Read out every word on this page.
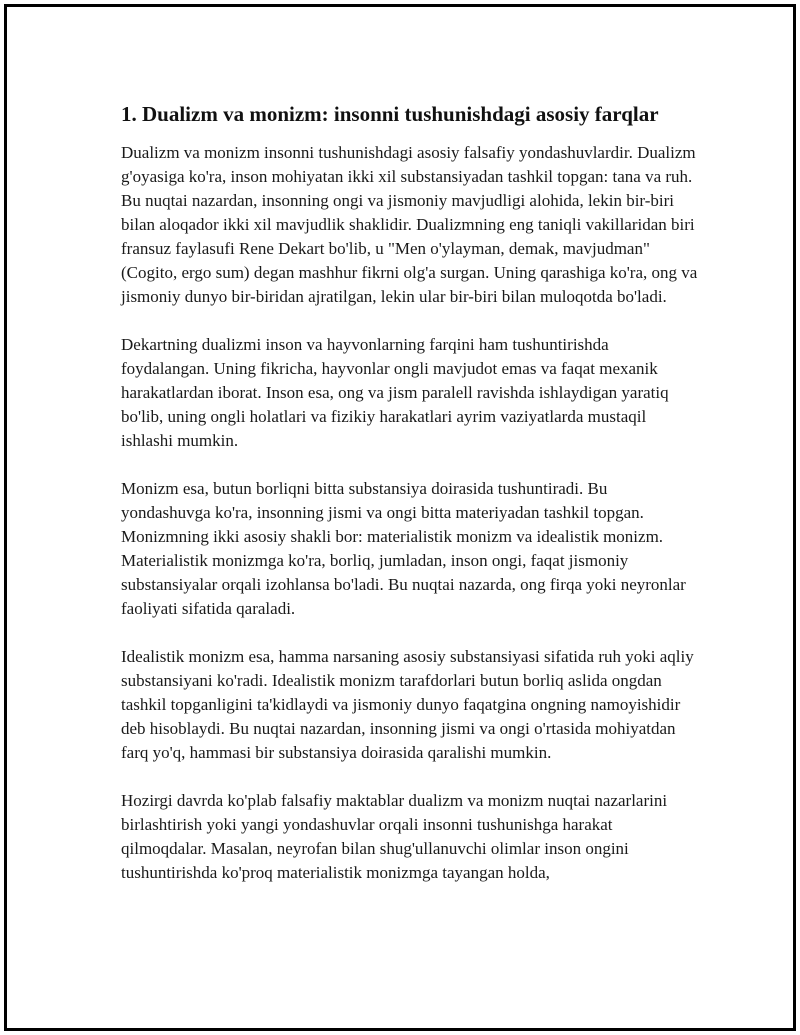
1. Dualizm va monizm: insonni tushunishdagi asosiy farqlar

Dualizm va monizm insonni tushunishdagi asosiy falsafiy yondashuvlardir. Dualizm g'oyasiga ko'ra, inson mohiyatan ikki xil substansiyadan tashkil topgan: tana va ruh. Bu nuqtai nazardan, insonning ongi va jismoniy mavjudligi alohida, lekin bir-biri bilan aloqador ikki xil mavjudlik shaklidir. Dualizmning eng taniqli vakillaridan biri fransuz faylasufi Rene Dekart bo'lib, u "Men o'ylayman, demak, mavjudman" (Cogito, ergo sum) degan mashhur fikrni olg'a surgan. Uning qarashiga ko'ra, ong va jismoniy dunyo bir-biridan ajratilgan, lekin ular bir-biri bilan muloqotda bo'ladi.

Dekartning dualizmi inson va hayvonlarning farqini ham tushuntirishda foydalangan. Uning fikricha, hayvonlar ongli mavjudot emas va faqat mexanik harakatlardan iborat. Inson esa, ong va jism paralell ravishda ishlaydigan yaratiq bo'lib, uning ongli holatlari va fizikiy harakatlari ayrim vaziyatlarda mustaqil ishlashi mumkin.

Monizm esa, butun borliqni bitta substansiya doirasida tushuntiradi. Bu yondashuvga ko'ra, insonning jismi va ongi bitta materiyadan tashkil topgan. Monizmning ikki asosiy shakli bor: materialistik monizm va idealistik monizm. Materialistik monizmga ko'ra, borliq, jumladan, inson ongi, faqat jismoniy substansiyalar orqali izohlansa bo'ladi. Bu nuqtai nazarda, ong firqa yoki neyronlar faoliyati sifatida qaraladi.

Idealistik monizm esa, hamma narsaning asosiy substansiyasi sifatida ruh yoki aqliy substansiyani ko'radi. Idealistik monizm tarafdorlari butun borliq aslida ongdan tashkil topganligini ta'kidlaydi va jismoniy dunyo faqatgina ongning namoyishidir deb hisoblaydi. Bu nuqtai nazardan, insonning jismi va ongi o'rtasida mohiyatdan farq yo'q, hammasi bir substansiya doirasida qaralishi mumkin.

Hozirgi davrda ko'plab falsafiy maktablar dualizm va monizm nuqtai nazarlarini birlashtirish yoki yangi yondashuvlar orqali insonni tushunishga harakat qilmoqdalar. Masalan, neyrofan bilan shug'ullanuvchi olimlar inson ongini tushuntirishda ko'proq materialistik monizmga tayangan holda,
